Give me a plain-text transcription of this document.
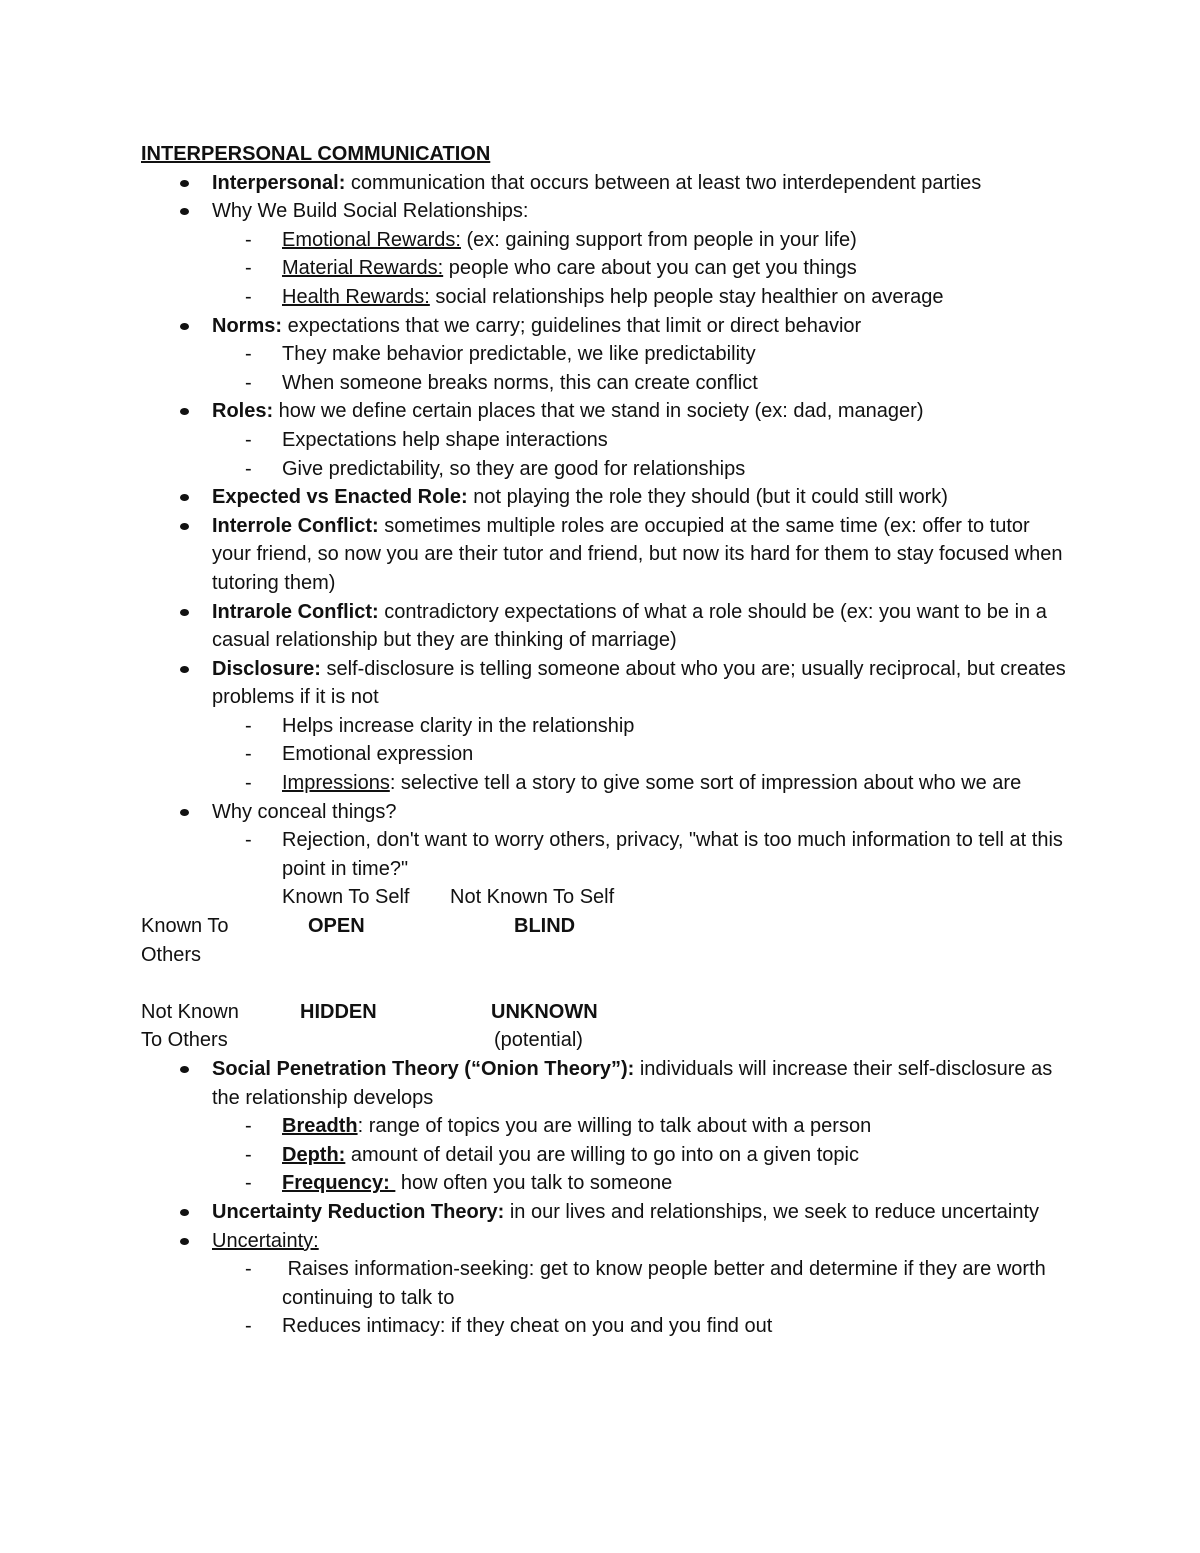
INTERPERSONAL COMMUNICATION
Interpersonal: communication that occurs between at least two interdependent parties
Why We Build Social Relationships:
- Emotional Rewards: (ex: gaining support from people in your life)
- Material Rewards: people who care about you can get you things
- Health Rewards: social relationships help people stay healthier on average
Norms: expectations that we carry; guidelines that limit or direct behavior
- They make behavior predictable, we like predictability
- When someone breaks norms, this can create conflict
Roles: how we define certain places that we stand in society (ex: dad, manager)
- Expectations help shape interactions
- Give predictability, so they are good for relationships
Expected vs Enacted Role: not playing the role they should (but it could still work)
Interrole Conflict: sometimes multiple roles are occupied at the same time (ex: offer to tutor your friend, so now you are their tutor and friend, but now its hard for them to stay focused when tutoring them)
Intrarole Conflict: contradictory expectations of what a role should be (ex: you want to be in a casual relationship but they are thinking of marriage)
Disclosure: self-disclosure is telling someone about who you are; usually reciprocal, but creates problems if it is not
- Helps increase clarity in the relationship
- Emotional expression
- Impressions: selective tell a story to give some sort of impression about who we are
Why conceal things?
- Rejection, don't want to worry others, privacy, "what is too much information to tell at this point in time?"
Known To Self Not Known To Self
Known To	OPEN	BLIND
Others
Not Known	HIDDEN	UNKNOWN
To Others	(potential)
Social Penetration Theory (“Onion Theory”): individuals will increase their self-disclosure as the relationship develops
- Breadth: range of topics you are willing to talk about with a person
- Depth: amount of detail you are willing to go into on a given topic
- Frequency:  how often you talk to someone
Uncertainty Reduction Theory: in our lives and relationships, we seek to reduce uncertainty
Uncertainty:
- Raises information-seeking: get to know people better and determine if they are worth continuing to talk to
- Reduces intimacy: if they cheat on you and you find out
